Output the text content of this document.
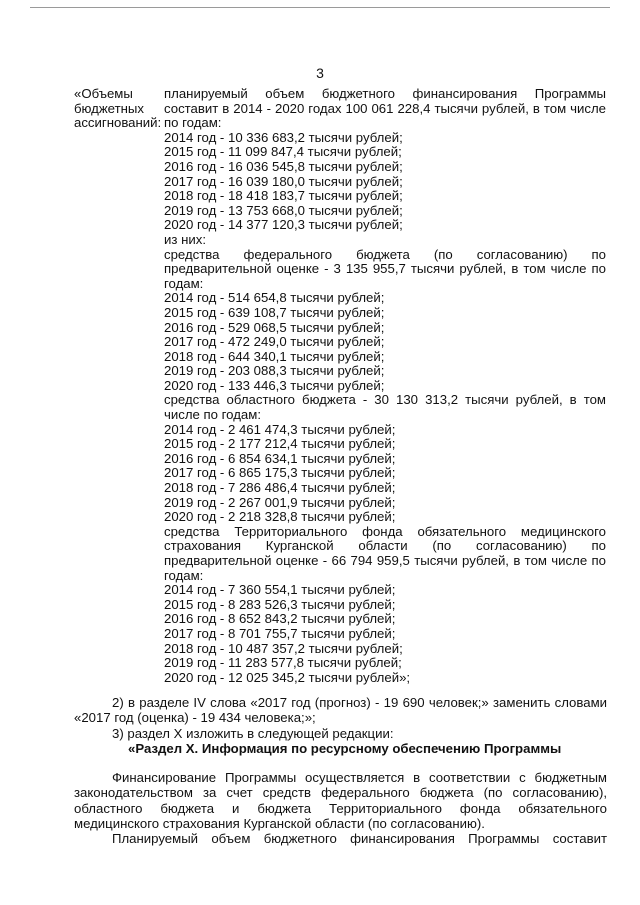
3
«Объемы
бюджетных
ассигнований:
планируемый объем бюджетного финансирования Программы составит в 2014 - 2020 годах 100 061 228,4 тысячи рублей, в том числе по годам:
2014 год - 10 336 683,2 тысячи рублей;
2015 год - 11 099 847,4 тысячи рублей;
2016 год - 16 036 545,8 тысячи рублей;
2017 год - 16 039 180,0 тысячи рублей;
2018 год - 18 418 183,7 тысячи рублей;
2019 год - 13 753 668,0 тысячи рублей;
2020 год - 14 377 120,3 тысячи рублей;
из них:
средства федерального бюджета (по согласованию) по предварительной оценке - 3 135 955,7 тысячи рублей, в том числе по годам:
2014 год - 514 654,8 тысячи рублей;
2015 год - 639 108,7 тысячи рублей;
2016 год - 529 068,5 тысячи рублей;
2017 год - 472 249,0 тысячи рублей;
2018 год - 644 340,1 тысячи рублей;
2019 год - 203 088,3 тысячи рублей;
2020 год - 133 446,3 тысячи рублей;
средства областного бюджета - 30 130 313,2 тысячи рублей, в том числе по годам:
2014 год - 2 461 474,3 тысячи рублей;
2015 год - 2 177 212,4 тысячи рублей;
2016 год - 6 854 634,1 тысячи рублей;
2017 год - 6 865 175,3 тысячи рублей;
2018 год - 7 286 486,4 тысячи рублей;
2019 год - 2 267 001,9 тысячи рублей;
2020 год - 2 218 328,8 тысячи рублей;
средства Территориального фонда обязательного медицинского страхования Курганской области (по согласованию) по предварительной оценке - 66 794 959,5 тысячи рублей, в том числе по годам:
2014 год - 7 360 554,1 тысячи рублей;
2015 год - 8 283 526,3 тысячи рублей;
2016 год - 8 652 843,2 тысячи рублей;
2017 год - 8 701 755,7 тысячи рублей;
2018 год - 10 487 357,2 тысячи рублей;
2019 год - 11 283 577,8 тысячи рублей;
2020 год - 12 025 345,2 тысячи рублей»;
2) в разделе IV слова «2017 год (прогноз) - 19 690 человек;» заменить словами «2017 год (оценка) - 19 434 человека;»;
3) раздел X изложить в следующей редакции:
«Раздел X. Информация по ресурсному обеспечению Программы
Финансирование Программы осуществляется в соответствии с бюджетным законодательством за счет средств федерального бюджета (по согласованию), областного бюджета и бюджета Территориального фонда обязательного медицинского страхования Курганской области (по согласованию).
Планируемый объем бюджетного финансирования Программы составит
